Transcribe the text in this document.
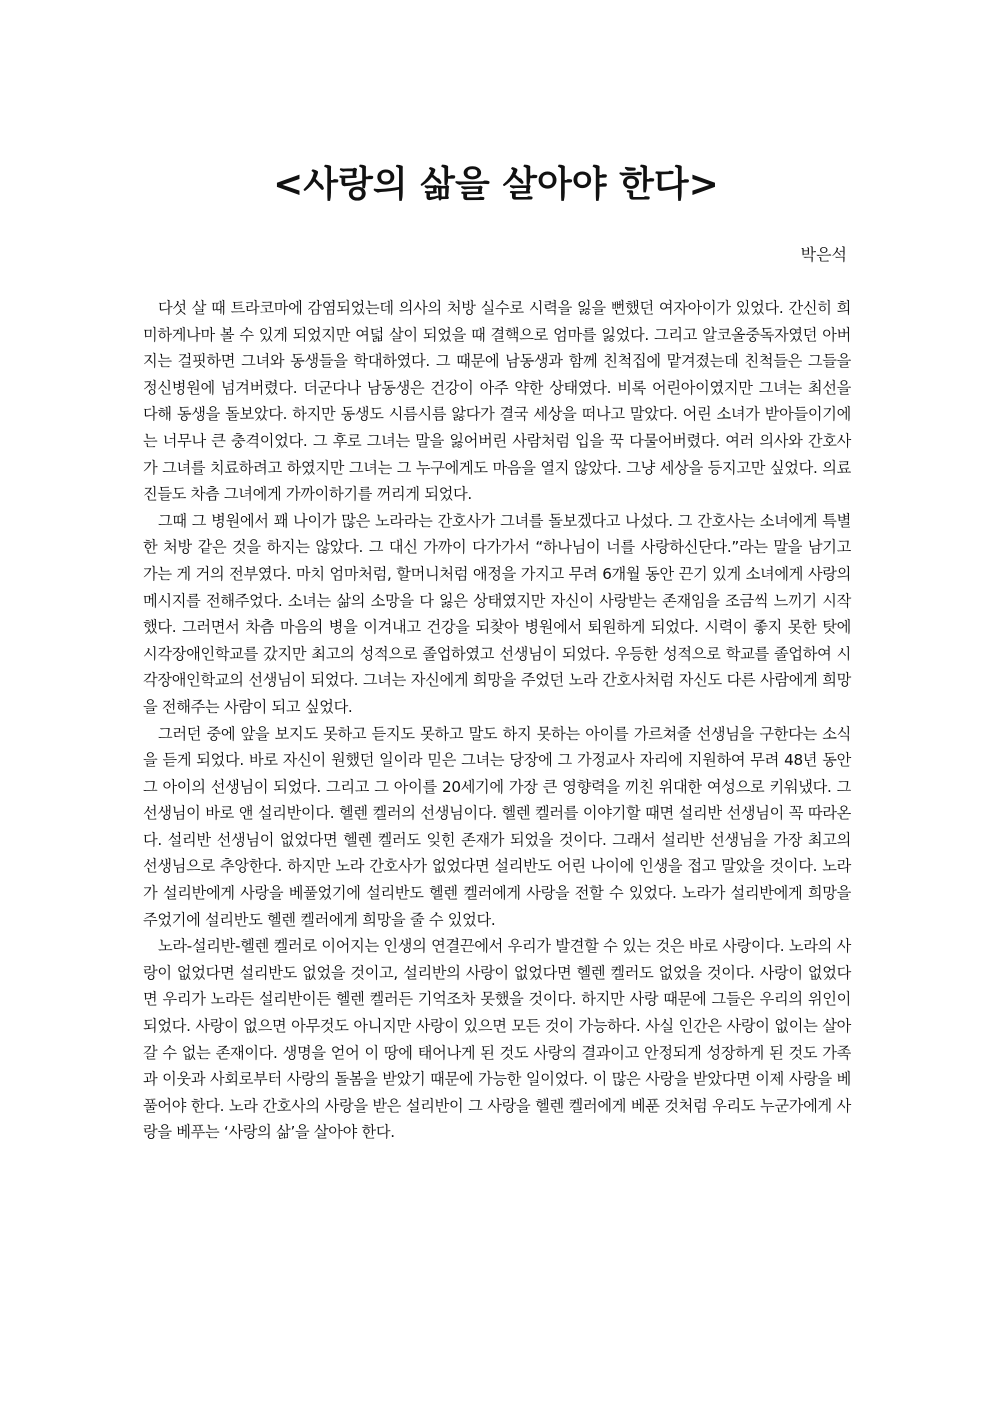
<사랑의 삶을 살아야 한다>
박은석

다섯 살 때 트라코마에 감염되었는데 의사의 처방 실수로 시력을 잃을 뻔했던 여자아이가 있었다. 간신히 희미하게나마 볼 수 있게 되었지만 여덟 살이 되었을 때 결핵으로 엄마를 잃었다. 그리고 알코올중독자였던 아버지는 걸핏하면 그녀와 동생들을 학대하였다. 그 때문에 남동생과 함께 친척집에 맡겨졌는데 친척들은 그들을 정신병원에 넘겨버렸다. 더군다나 남동생은 건강이 아주 약한 상태였다. 비록 어린아이였지만 그녀는 최선을 다해 동생을 돌보았다. 하지만 동생도 시름시름 앓다가 결국 세상을 떠나고 말았다. 어린 소녀가 받아들이기에는 너무나 큰 충격이었다. 그 후로 그녀는 말을 잃어버린 사람처럼 입을 꾹 다물어버렸다. 여러 의사와 간호사가 그녀를 치료하려고 하였지만 그녀는 그 누구에게도 마음을 열지 않았다. 그냥 세상을 등지고만 싶었다. 의료진들도 차츰 그녀에게 가까이하기를 꺼리게 되었다.

그때 그 병원에서 꽤 나이가 많은 노라라는 간호사가 그녀를 돌보겠다고 나섰다. 그 간호사는 소녀에게 특별한 처방 같은 것을 하지는 않았다. 그 대신 가까이 다가가서 “하나님이 너를 사랑하신단다.”라는 말을 남기고 가는 게 거의 전부였다. 마치 엄마처럼, 할머니처럼 애정을 가지고 무려 6개월 동안 끈기 있게 소녀에게 사랑의 메시지를 전해주었다. 소녀는 삶의 소망을 다 잃은 상태였지만 자신이 사랑받는 존재임을 조금씩 느끼기 시작했다. 그러면서 차츰 마음의 병을 이겨내고 건강을 되찾아 병원에서 퇴원하게 되었다. 시력이 좋지 못한 탓에 시각장애인학교를 갔지만 최고의 성적으로 졸업하였고 선생님이 되었다. 우등한 성적으로 학교를 졸업하여 시각장애인학교의 선생님이 되었다. 그녀는 자신에게 희망을 주었던 노라 간호사처럼 자신도 다른 사람에게 희망을 전해주는 사람이 되고 싶었다.

그러던 중에 앞을 보지도 못하고 듣지도 못하고 말도 하지 못하는 아이를 가르쳐줄 선생님을 구한다는 소식을 듣게 되었다. 바로 자신이 원했던 일이라 믿은 그녀는 당장에 그 가정교사 자리에 지원하여 무려 48년 동안 그 아이의 선생님이 되었다. 그리고 그 아이를 20세기에 가장 큰 영향력을 끼친 위대한 여성으로 키워냈다. 그 선생님이 바로 앤 설리반이다. 헬렌 켈러의 선생님이다. 헬렌 켈러를 이야기할 때면 설리반 선생님이 꼭 따라온다. 설리반 선생님이 없었다면 헬렌 켈러도 잊힌 존재가 되었을 것이다. 그래서 설리반 선생님을 가장 최고의 선생님으로 추앙한다. 하지만 노라 간호사가 없었다면 설리반도 어린 나이에 인생을 접고 말았을 것이다. 노라가 설리반에게 사랑을 베풀었기에 설리반도 헬렌 켈러에게 사랑을 전할 수 있었다. 노라가 설리반에게 희망을 주었기에 설리반도 헬렌 켈러에게 희망을 줄 수 있었다.

노라-설리반-헬렌 켈러로 이어지는 인생의 연결끈에서 우리가 발견할 수 있는 것은 바로 사랑이다. 노라의 사랑이 없었다면 설리반도 없었을 것이고, 설리반의 사랑이 없었다면 헬렌 켈러도 없었을 것이다. 사랑이 없었다면 우리가 노라든 설리반이든 헬렌 켈러든 기억조차 못했을 것이다. 하지만 사랑 때문에 그들은 우리의 위인이 되었다. 사랑이 없으면 아무것도 아니지만 사랑이 있으면 모든 것이 가능하다. 사실 인간은 사랑이 없이는 살아갈 수 없는 존재이다. 생명을 얻어 이 땅에 태어나게 된 것도 사랑의 결과이고 안정되게 성장하게 된 것도 가족과 이웃과 사회로부터 사랑의 돌봄을 받았기 때문에 가능한 일이었다. 이 많은 사랑을 받았다면 이제 사랑을 베풀어야 한다. 노라 간호사의 사랑을 받은 설리반이 그 사랑을 헬렌 켈러에게 베푼 것처럼 우리도 누군가에게 사랑을 베푸는 ‘사랑의 삶’을 살아야 한다.
